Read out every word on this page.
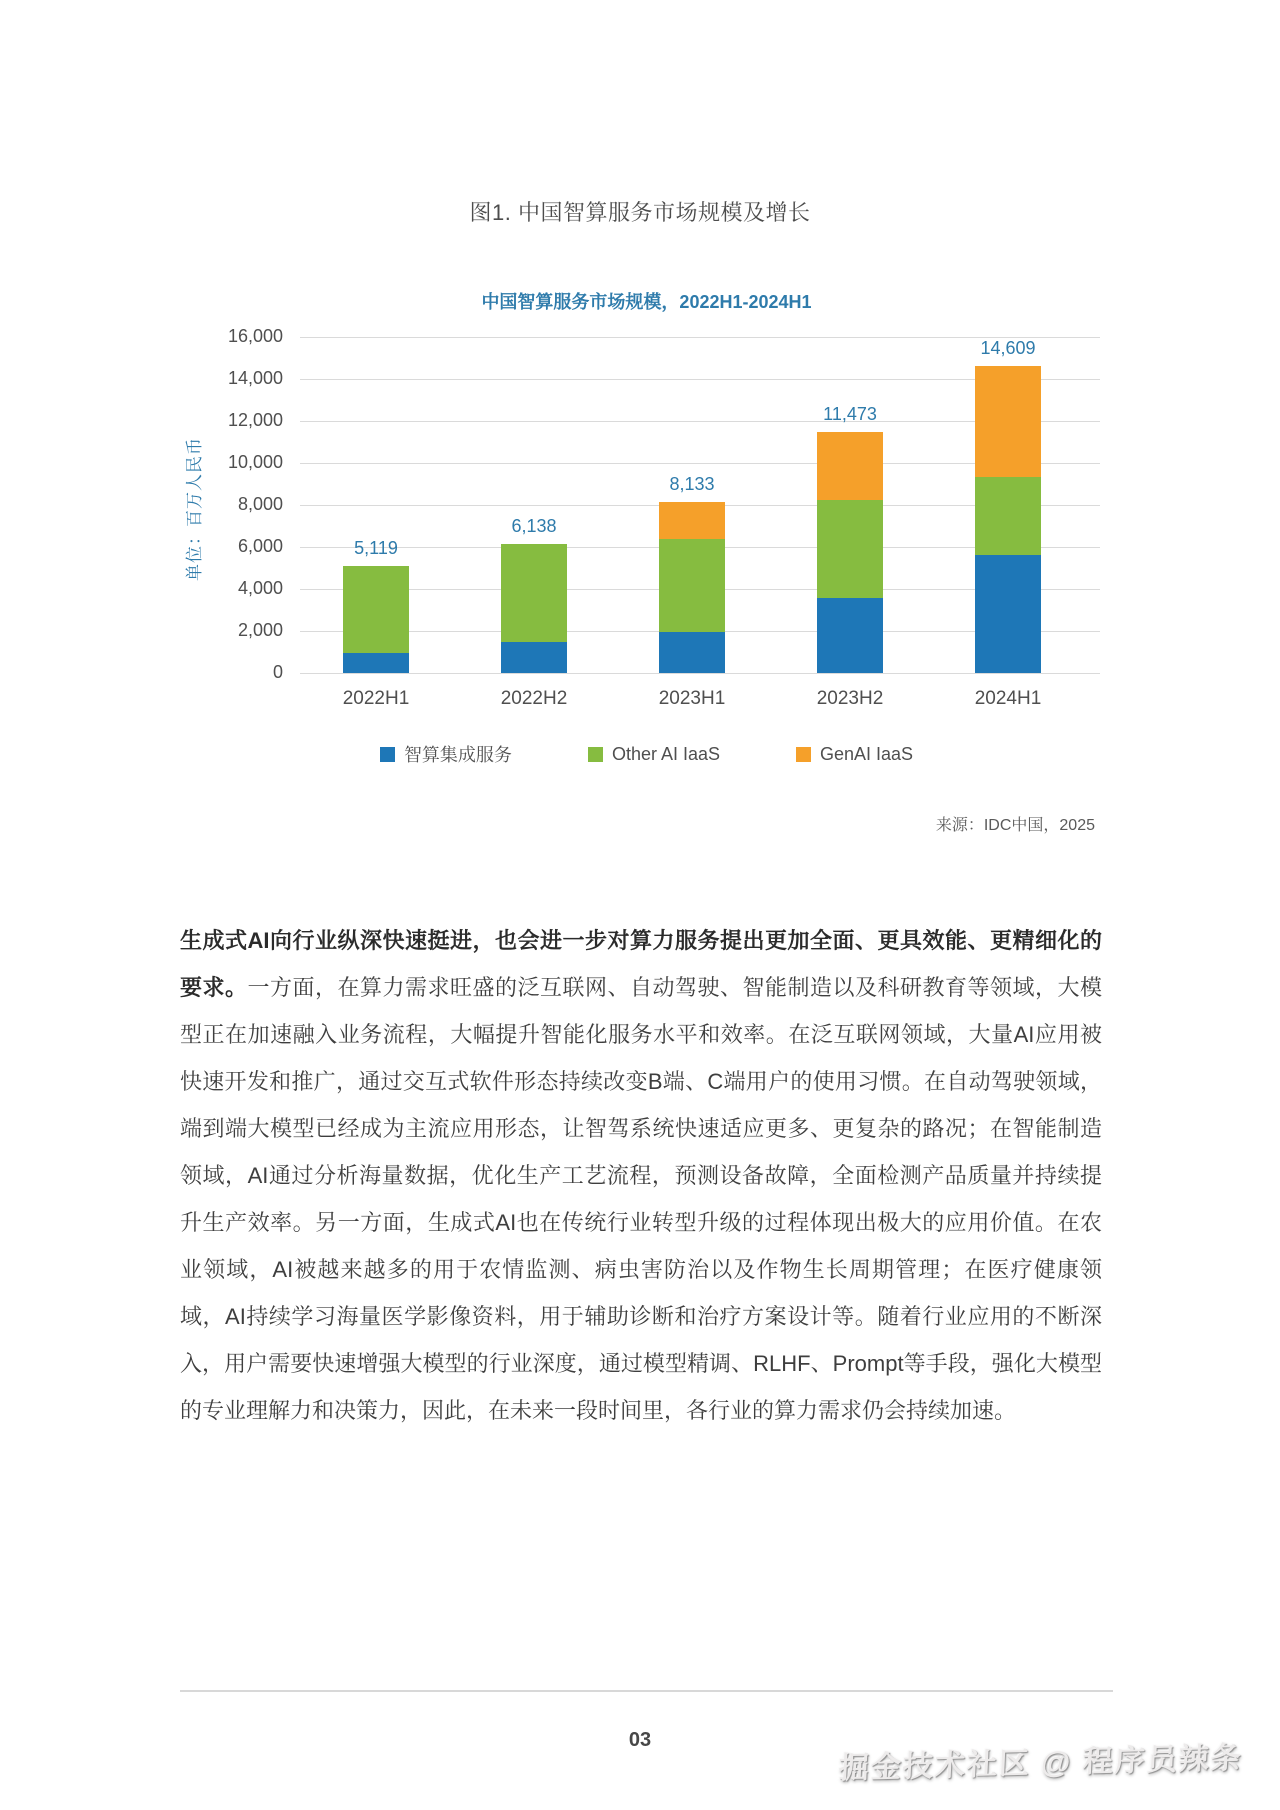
图1. 中国智算服务市场规模及增长
中国智算服务市场规模，2022H1-2024H1
单位：百万人民币
0
2,000
4,000
6,000
8,000
10,000
12,000
14,000
16,000
5,119
6,138
8,133
11,473
14,609
2022H1	2022H2	2023H1	2023H2	2024H1
智算集成服务	Other AI IaaS	GenAI IaaS
来源：IDC中国，2025

生成式AI向行业纵深快速挺进，也会进一步对算力服务提出更加全面、更具效能、更精细化的要求。一方面，在算力需求旺盛的泛互联网、自动驾驶、智能制造以及科研教育等领域，大模型正在加速融入业务流程，大幅提升智能化服务水平和效率。在泛互联网领域，大量AI应用被快速开发和推广，通过交互式软件形态持续改变B端、C端用户的使用习惯。在自动驾驶领域，端到端大模型已经成为主流应用形态，让智驾系统快速适应更多、更复杂的路况；在智能制造领域，AI通过分析海量数据，优化生产工艺流程，预测设备故障，全面检测产品质量并持续提升生产效率。另一方面，生成式AI也在传统行业转型升级的过程体现出极大的应用价值。在农业领域，AI被越来越多的用于农情监测、病虫害防治以及作物生长周期管理；在医疗健康领域，AI持续学习海量医学影像资料，用于辅助诊断和治疗方案设计等。随着行业应用的不断深入，用户需要快速增强大模型的行业深度，通过模型精调、RLHF、Prompt等手段，强化大模型的专业理解力和决策力，因此，在未来一段时间里，各行业的算力需求仍会持续加速。

03
掘金技术社区 @ 程序员辣条
